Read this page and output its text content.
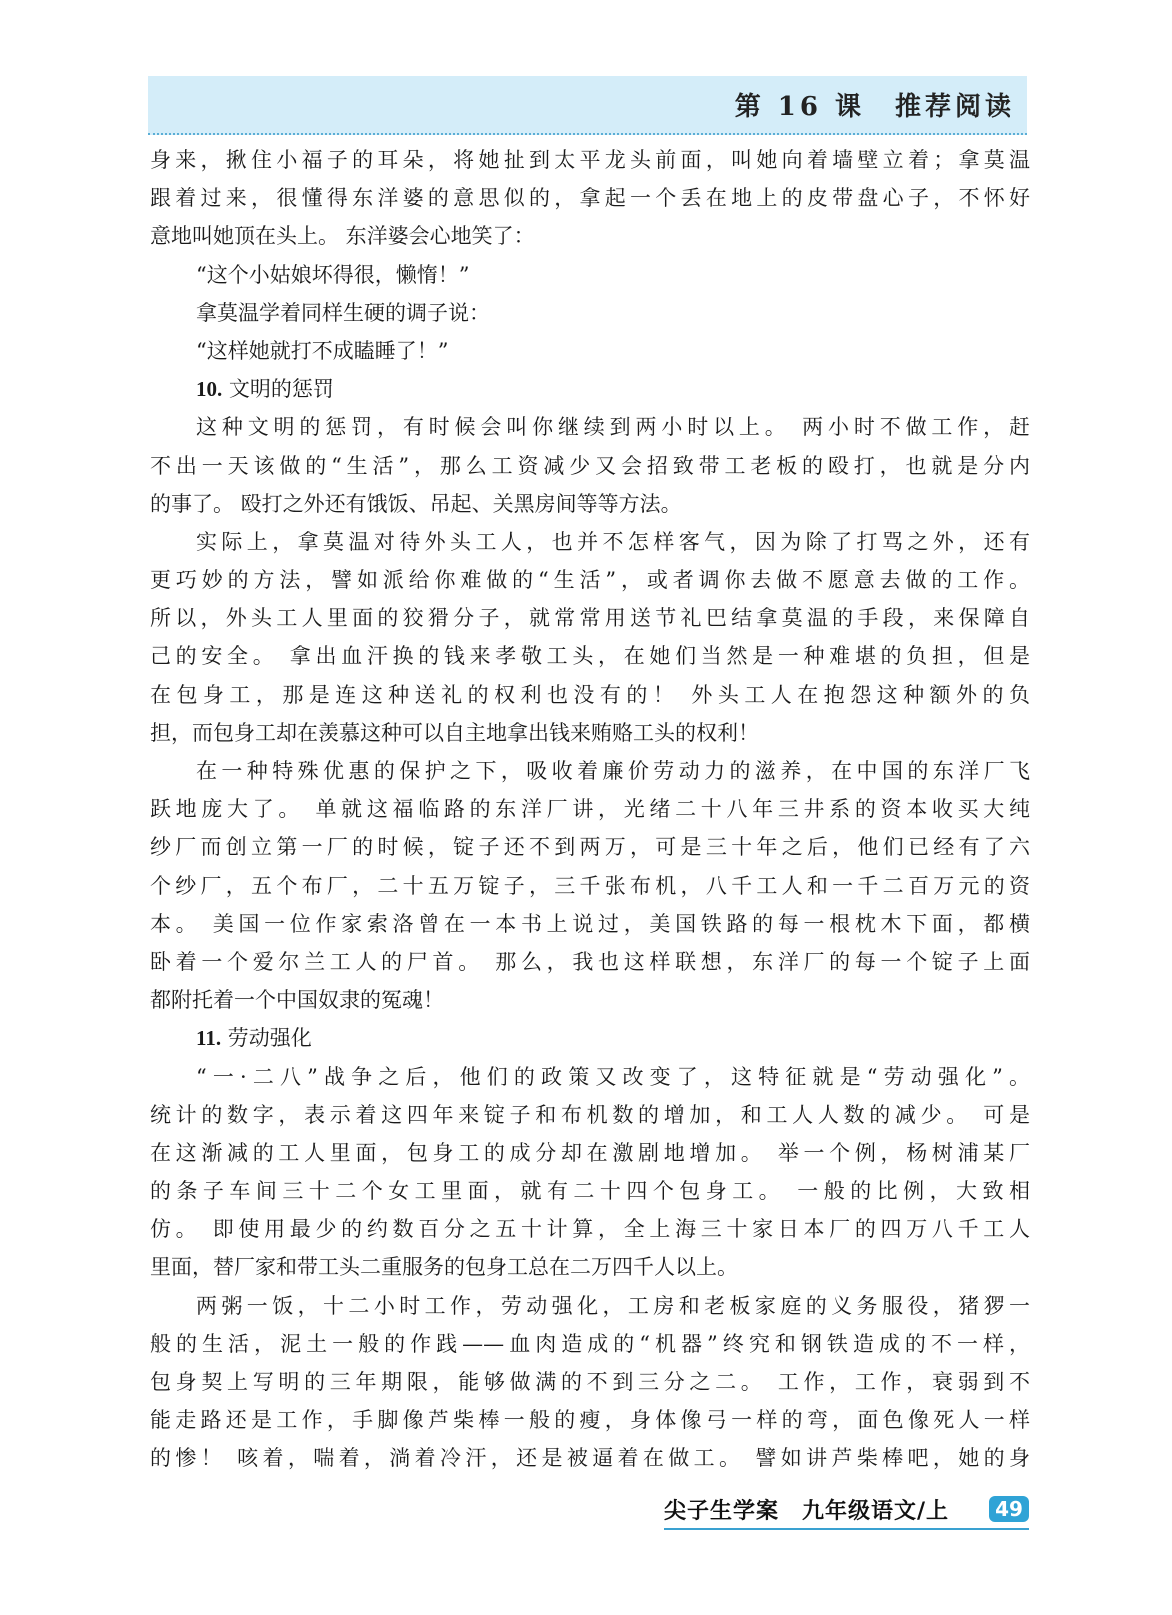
第 16 课　推荐阅读
身来，揪住小福子的耳朵，将她扯到太平龙头前面，叫她向着墙壁立着；拿莫温
跟着过来，很懂得东洋婆的意思似的，拿起一个丢在地上的皮带盘心子，不怀好
意地叫她顶在头上。 东洋婆会心地笑了：
“这个小姑娘坏得很，懒惰！”
拿莫温学着同样生硬的调子说：
“这样她就打不成瞌睡了！”
10. 文明的惩罚
这种文明的惩罚，有时候会叫你继续到两小时以上。 两小时不做工作，赶
不出一天该做的“生活”，那么工资减少又会招致带工老板的殴打，也就是分内
的事了。 殴打之外还有饿饭、吊起、关黑房间等等方法。
实际上，拿莫温对待外头工人，也并不怎样客气，因为除了打骂之外，还有
更巧妙的方法，譬如派给你难做的“生活”，或者调你去做不愿意去做的工作。
所以，外头工人里面的狡猾分子，就常常用送节礼巴结拿莫温的手段，来保障自
己的安全。 拿出血汗换的钱来孝敬工头，在她们当然是一种难堪的负担，但是
在包身工，那是连这种送礼的权利也没有的！ 外头工人在抱怨这种额外的负
担，而包身工却在羡慕这种可以自主地拿出钱来贿赂工头的权利！
在一种特殊优惠的保护之下，吸收着廉价劳动力的滋养，在中国的东洋厂飞
跃地庞大了。 单就这福临路的东洋厂讲，光绪二十八年三井系的资本收买大纯
纱厂而创立第一厂的时候，锭子还不到两万，可是三十年之后，他们已经有了六
个纱厂，五个布厂，二十五万锭子，三千张布机，八千工人和一千二百万元的资
本。 美国一位作家索洛曾在一本书上说过，美国铁路的每一根枕木下面，都横
卧着一个爱尔兰工人的尸首。 那么，我也这样联想，东洋厂的每一个锭子上面
都附托着一个中国奴隶的冤魂！
11. 劳动强化
“一·二八”战争之后，他们的政策又改变了，这特征就是“劳动强化”。
统计的数字，表示着这四年来锭子和布机数的增加，和工人人数的减少。 可是
在这渐减的工人里面，包身工的成分却在激剧地增加。 举一个例，杨树浦某厂
的条子车间三十二个女工里面，就有二十四个包身工。 一般的比例，大致相
仿。 即使用最少的约数百分之五十计算，全上海三十家日本厂的四万八千工人
里面，替厂家和带工头二重服务的包身工总在二万四千人以上。
两粥一饭，十二小时工作，劳动强化，工房和老板家庭的义务服役，猪猡一
般的生活，泥土一般的作践——血肉造成的“机器”终究和钢铁造成的不一样，
包身契上写明的三年期限，能够做满的不到三分之二。 工作，工作，衰弱到不
能走路还是工作，手脚像芦柴棒一般的瘦，身体像弓一样的弯，面色像死人一样
的惨！ 咳着，喘着，淌着冷汗，还是被逼着在做工。 譬如讲芦柴棒吧，她的身
尖子生学案　九年级语文/上	49
